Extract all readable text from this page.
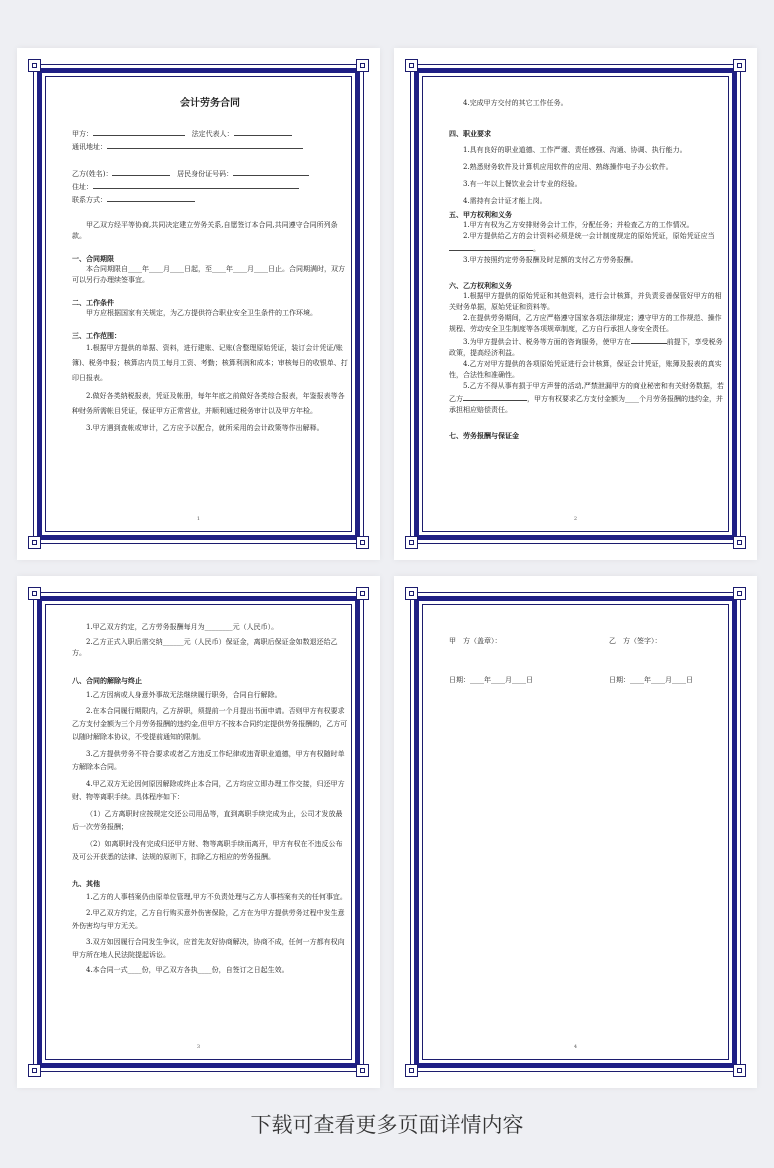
会计劳务合同

甲方：	法定代表人：

通讯地址：

乙方(姓名)：	居民身份证号码：

住址：

联系方式：

甲乙双方经平等协商,共同决定建立劳务关系,自愿签订本合同,共同遵守合同所列条款。

一、合同期限

本合同期限自____年____月____日起，至____年____月____日止。合同期满时，双方可以另行办理续签事宜。

二、工作条件

甲方应根据国家有关规定，为乙方提供符合职业安全卫生条件的工作环境。

三、工作范围：

1.根据甲方提供的单据、资料，进行建账、记账(含整理原始凭证，装订会计凭证/账簿)、税务申报；核算店内员工每月工资、考勤；核算利润和成本；审核每日的收银单、打印日报表。

2.做好各类纳税报表，凭证及帐册，每年年底之前做好各类综合报表，年鉴报表等各种财务所需帐目凭证，保证甲方正常营业，并顺利通过税务审计以及甲方年检。

3.甲方遇到查帐或审计，乙方应予以配合，就所采用的会计政策等作出解释。

1

4.完成甲方交付的其它工作任务。

四、职业要求

1.具有良好的职业道德、工作严谨、责任感强、沟通、协调、执行能力。

2.熟悉财务软件及计算机应用软件的应用、熟练操作电子办公软件。

3.有一年以上餐饮业会计专业的经验。

4.需持有会计证才能上岗。

五、甲方权利和义务

1.甲方有权为乙方安排财务会计工作，分配任务；并检查乙方的工作情况。

2.甲方提供给乙方的会计资料必须是统一会计制度规定的原始凭证，原始凭证应当。

3.甲方按照约定劳务报酬及时足额的支付乙方劳务报酬。

六、乙方权利和义务

1.根据甲方提供的原始凭证和其他资料，进行会计核算，并负责妥善保管好甲方的相关财务单据，原始凭证和资料等。

2.在提供劳务期间，乙方应严格遵守国家各项法律规定；遵守甲方的工作规范、操作规程、劳动安全卫生制度等各项规章制度，乙方自行承担人身安全责任。

3.为甲方提供会计、税务等方面的咨询服务，使甲方在	前提下，享受税务政策，提高经济利益。

4.乙方对甲方提供的各项原始凭证进行会计核算，保证会计凭证，账簿及报表的真实性，合法性和准确性。

5.乙方不得从事有损于甲方声誉的活动,严禁泄漏甲方的商业秘密和有关财务数据，若乙方	，甲方有权要求乙方支付金额为____个月劳务报酬的违约金，并承担相应赔偿责任。

七、劳务报酬与保证金

2

1.甲乙双方约定，乙方劳务报酬每月为________元（人民币）。

2.乙方正式入职后需交纳______元（人民币）保证金，离职后保证金如数退还给乙方。

八、合同的解除与终止

1.乙方因病或人身意外事故无法继续履行职务，合同自行解除。

2.在本合同履行期限内，乙方辞职，须提前一个月提出书面申请。否则甲方有权要求乙方支付金额为三个月劳务报酬的违约金,但甲方不按本合同约定提供劳务报酬的，乙方可以随时解除本协议，不受提前通知的限制。

3.乙方提供劳务不符合要求或者乙方违反工作纪律或违背职业道德，甲方有权随时单方解除本合同。

4.甲乙双方无论因何原因解除或终止本合同，乙方均应立即办理工作交接，归还甲方财、物等离职手续。具体程序如下：

（1）乙方离职时应按规定交还公司用品等，直到离职手续完成为止，公司才发放最后一次劳务报酬；

（2）如离职时没有完成归还甲方财、物等离职手续而离开，甲方有权在不违反公布及可公开获悉的法律、法规的原则下，扣除乙方相应的劳务报酬。

九、其他

1.乙方的人事档案仍由原单位管理,甲方不负责处理与乙方人事档案有关的任何事宜。

2.甲乙双方约定，乙方自行购买意外伤害保险，乙方在为甲方提供劳务过程中发生意外伤害均与甲方无关。

3.双方如因履行合同发生争议，应首先友好协商解决，协商不成，任何一方都有权向甲方所在地人民法院提起诉讼。

4.本合同一式____份，甲乙双方各执____份，自签订之日起生效。

3
甲　方（盖章）：	乙　方（签字）：
日期：____年____月____日	日期：____年____月____日
4
下载可查看更多页面详情内容
